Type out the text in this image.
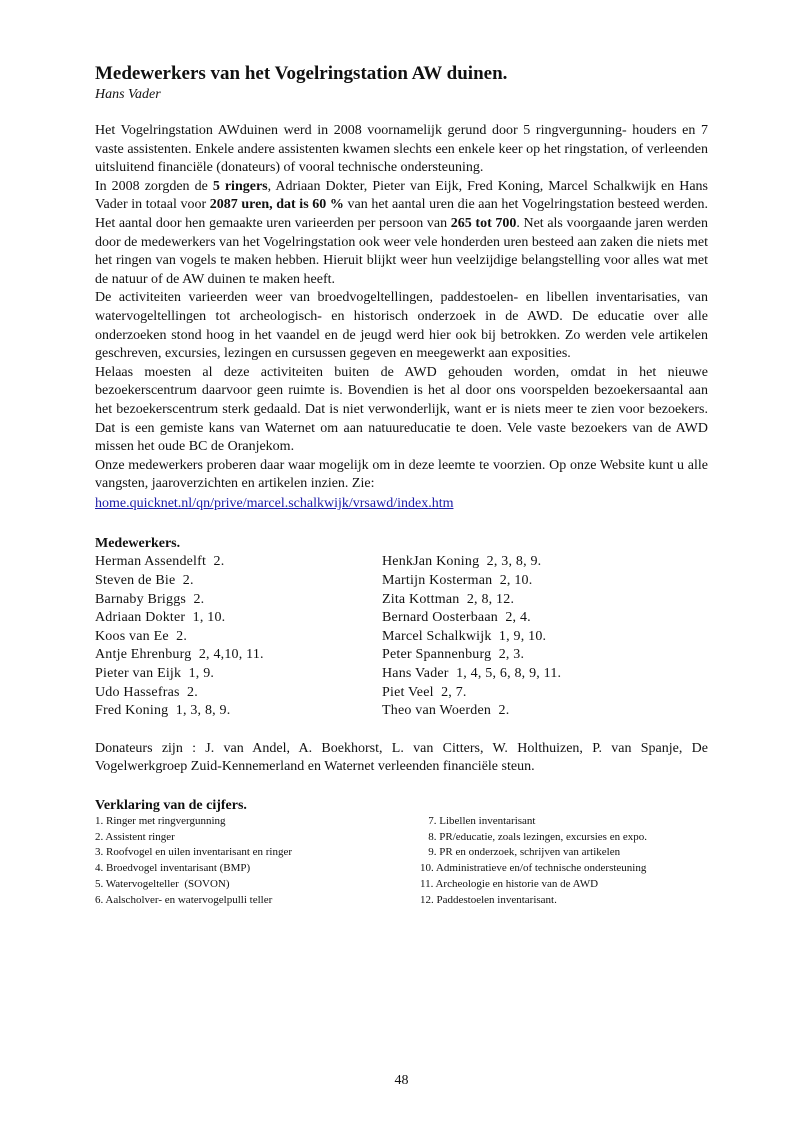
Medewerkers van het Vogelringstation AW duinen.

Hans Vader

Het Vogelringstation AWduinen werd in 2008 voornamelijk gerund door 5 ringvergunning- houders en 7 vaste assistenten. Enkele andere assistenten kwamen slechts een enkele keer op het ringstation, of verleenden uitsluitend financiële (donateurs) of vooral technische ondersteuning.

In 2008 zorgden de 5 ringers, Adriaan Dokter, Pieter van Eijk, Fred Koning, Marcel Schalkwijk en Hans Vader in totaal voor 2087 uren, dat is 60 % van het aantal uren die aan het Vogelringstation besteed werden. Het aantal door hen gemaakte uren varieerden per persoon van 265 tot 700. Net als voorgaande jaren werden door de medewerkers van het Vogelringstation ook weer vele honderden uren besteed aan zaken die niets met het ringen van vogels te maken hebben. Hieruit blijkt weer hun veelzijdige belangstelling voor alles wat met de natuur of de AW duinen te maken heeft.

De activiteiten varieerden weer van broedvogeltellingen, paddestoelen- en libellen inventarisaties, van watervogeltellingen tot archeologisch- en historisch onderzoek in de AWD. De educatie over alle onderzoeken stond hoog in het vaandel en de jeugd werd hier ook bij betrokken. Zo werden vele artikelen geschreven, excursies, lezingen en cursussen gegeven en meegewerkt aan exposities.

Helaas moesten al deze activiteiten buiten de AWD gehouden worden, omdat in het nieuwe bezoekerscentrum daarvoor geen ruimte is. Bovendien is het al door ons voorspelden bezoekersaantal aan het bezoekerscentrum sterk gedaald. Dat is niet verwonderlijk, want er is niets meer te zien voor bezoekers. Dat is een gemiste kans van Waternet om aan natuureducatie te doen. Vele vaste bezoekers van de AWD missen het oude BC de Oranjekom.

Onze medewerkers proberen daar waar mogelijk om in deze leemte te voorzien. Op onze Website kunt u alle vangsten, jaaroverzichten en artikelen inzien. Zie:

home.quicknet.nl/qn/prive/marcel.schalkwijk/vrsawd/index.htm
Medewerkers.
Herman Assendelft  2.
Steven de Bie  2.
Barnaby Briggs  2.
Adriaan Dokter  1, 10.
Koos van Ee  2.
Antje Ehrenburg  2, 4,10, 11.
Pieter van Eijk  1, 9.
Udo Hassefras  2.
Fred Koning  1, 3, 8, 9.
HenkJan Koning  2, 3, 8, 9.
Martijn Kosterman  2, 10.
Zita Kottman  2, 8, 12.
Bernard Oosterbaan  2, 4.
Marcel Schalkwijk  1, 9, 10.
Peter Spannenburg  2, 3.
Hans Vader  1, 4, 5, 6, 8, 9, 11.
Piet Veel  2, 7.
Theo van Woerden  2.

Donateurs zijn : J. van Andel, A. Boekhorst, L. van Citters, W. Holthuizen, P. van Spanje, De Vogelwerkgroep Zuid-Kennemerland en Waternet verleenden financiële steun.

Verklaring van de cijfers.
1. Ringer met ringvergunning
2. Assistent ringer
3. Roofvogel en uilen inventarisant en ringer
4. Broedvogel inventarisant (BMP)
5. Watervogelteller  (SOVON)
6. Aalscholver- en watervogelpulli teller
7. Libellen inventarisant
8. PR/educatie, zoals lezingen, excursies en expo.
9. PR en onderzoek, schrijven van artikelen
10. Administratieve en/of technische ondersteuning
11. Archeologie en historie van de AWD
12. Paddestoelen inventarisant.
48
